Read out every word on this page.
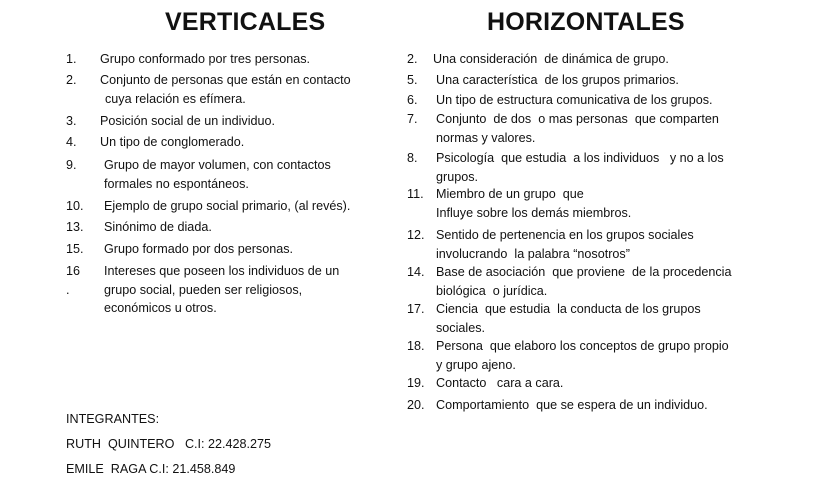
VERTICALES
1. Grupo conformado por tres personas.
2. Conjunto de personas que están en contacto
cuya relación es efímera.
3. Posición social de un individuo.
4. Un tipo de conglomerado.
9. Grupo de mayor volumen, con contactos
formales no espontáneos.
10. Ejemplo de grupo social primario, (al revés).
13. Sinónimo de diada.
15. Grupo formado por dos personas.
16 .
Intereses que poseen los individuos de un
grupo social, pueden ser religiosos,
económicos u otros.
HORIZONTALES
2. Una consideración  de dinámica de grupo.
5. Una característica  de los grupos primarios.
6. Un tipo de estructura comunicativa de los grupos.
7. Conjunto  de dos  o mas personas  que comparten
normas y valores.
8. Psicología  que estudia  a los individuos   y no a los
grupos.
11. Miembro de un grupo  que
Influye sobre los demás miembros.
12. Sentido de pertenencia en los grupos sociales
involucrando  la palabra “nosotros”
14. Base de asociación  que proviene  de la procedencia
biológica  o jurídica.
17. Ciencia  que estudia  la conducta de los grupos
sociales.
18. Persona  que elaboro los conceptos de grupo propio
y grupo ajeno.
19. Contacto   cara a cara.
20. Comportamiento  que se espera de un individuo.
INTEGRANTES:
RUTH  QUINTERO   C.I: 22.428.275
EMILE  RAGA C.I: 21.458.849
